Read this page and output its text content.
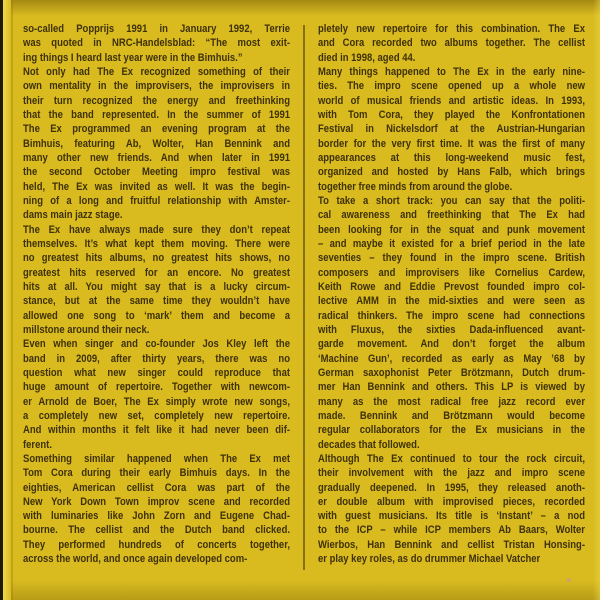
so-called Popprijs 1991 in January 1992, Terrie
was quoted in NRC-Handelsblad: “The most exit-
ing things I heard last year were in the Bimhuis.”
Not only had The Ex recognized something of their
own mentality in the improvisers, the improvisers in
their turn recognized the energy and freethinking
that the band represented. In the summer of 1991
The Ex programmed an evening program at the
Bimhuis, featuring Ab, Wolter, Han Bennink and
many other new friends. And when later in 1991
the second October Meeting impro festival was
held, The Ex was invited as well. It was the begin-
ning of a long and fruitful relationship with Amster-
dams main jazz stage.
The Ex have always made sure they don’t repeat
themselves. It’s what kept them moving. There were
no greatest hits albums, no greatest hits shows, no
greatest hits reserved for an encore. No greatest
hits at all. You might say that is a lucky circum-
stance, but at the same time they wouldn’t have
allowed one song to ‘mark’ them and become a
millstone around their neck.
Even when singer and co-founder Jos Kley left the
band in 2009, after thirty years, there was no
question what new singer could reproduce that
huge amount of repertoire. Together with newcom-
er Arnold de Boer, The Ex simply wrote new songs,
a completely new set, completely new repertoire.
And within months it felt like it had never been dif-
ferent.
Something similar happened when The Ex met
Tom Cora during their early Bimhuis days. In the
eighties, American cellist Cora was part of the
New York Down Town improv scene and recorded
with luminaries like John Zorn and Eugene Chad-
bourne. The cellist and the Dutch band clicked.
They performed hundreds of concerts together,
across the world, and once again developed com-
pletely new repertoire for this combination. The Ex
and Cora recorded two albums together. The cellist
died in 1998, aged 44.
Many things happened to The Ex in the early nine-
ties. The impro scene opened up a whole new
world of musical friends and artistic ideas. In 1993,
with Tom Cora, they played the Konfrontationen
Festival in Nickelsdorf at the Austrian-Hungarian
border for the very first time. It was the first of many
appearances at this long-weekend music fest,
organized and hosted by Hans Falb, which brings
together free minds from around the globe.
To take a short track: you can say that the politi-
cal awareness and freethinking that The Ex had
been looking for in the squat and punk movement
– and maybe it existed for a brief period in the late
seventies – they found in the impro scene. British
composers and improvisers like Cornelius Cardew,
Keith Rowe and Eddie Prevost founded impro col-
lective AMM in the mid-sixties and were seen as
radical thinkers. The impro scene had connections
with Fluxus, the sixties Dada-influenced avant-
garde movement. And don’t forget the album
‘Machine Gun’, recorded as early as May ’68 by
German saxophonist Peter Brötzmann, Dutch drum-
mer Han Bennink and others. This LP is viewed by
many as the most radical free jazz record ever
made. Bennink and Brötzmann would become
regular collaborators for the Ex musicians in the
decades that followed.
Although The Ex continued to tour the rock circuit,
their involvement with the jazz and impro scene
gradually deepened. In 1995, they released anoth-
er double album with improvised pieces, recorded
with guest musicians. Its title is ‘Instant’ – a nod
to the ICP – while ICP members Ab Baars, Wolter
Wierbos, Han Bennink and cellist Tristan Honsing-
er play key roles, as do drummer Michael Vatcher
